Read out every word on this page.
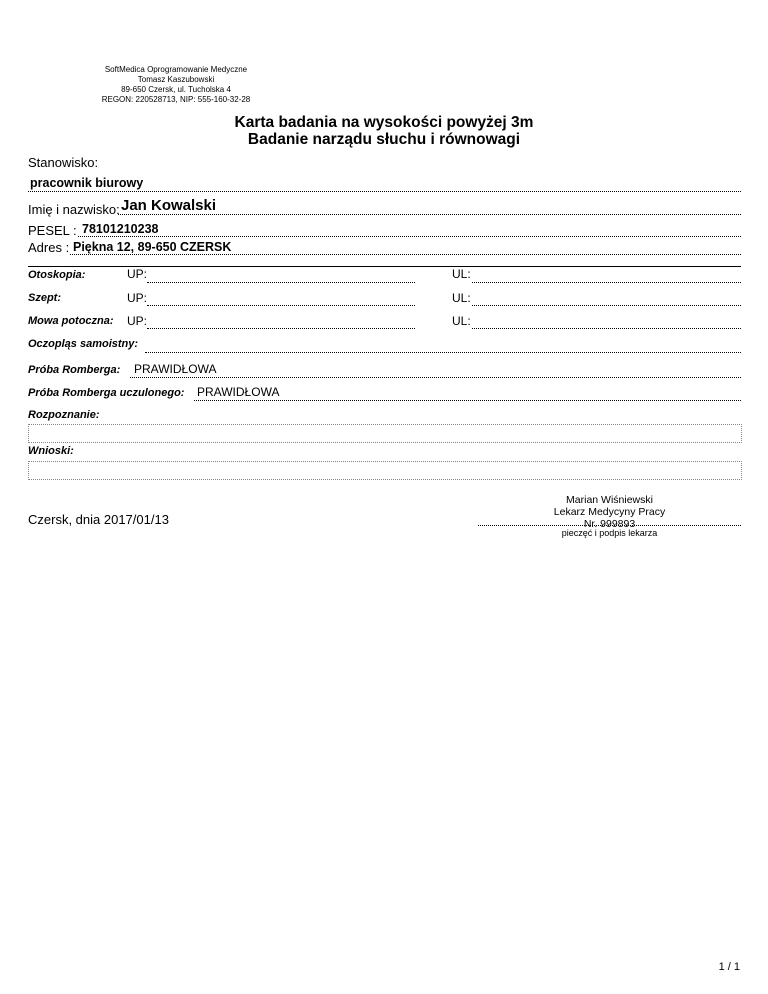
SoftMedica Oprogramowanie Medyczne
Tomasz Kaszubowski
89-650 Czersk, ul. Tucholska 4
REGON: 220528713, NIP: 555-160-32-28
Karta badania na wysokości powyżej 3m
Badanie narządu słuchu i równowagi
Stanowisko:
pracownik biurowy
Imię i nazwisko: Jan Kowalski
PESEL : 78101210238
Adres : Piękna 12, 89-650 CZERSK
Otoskopia:	UP:	UL:
Szept:	UP:	UL:
Mowa potoczna: UP:	UL:
Oczopląs samoistny:
Próba Romberga: PRAWIDŁOWA
Próba Romberga uczulonego: PRAWIDŁOWA
Rozpoznanie:
Wnioski:
Czersk, dnia 2017/01/13
Marian Wiśniewski
Lekarz Medycyny Pracy
Nr. 999893
pieczęć i podpis lekarza
1 / 1
